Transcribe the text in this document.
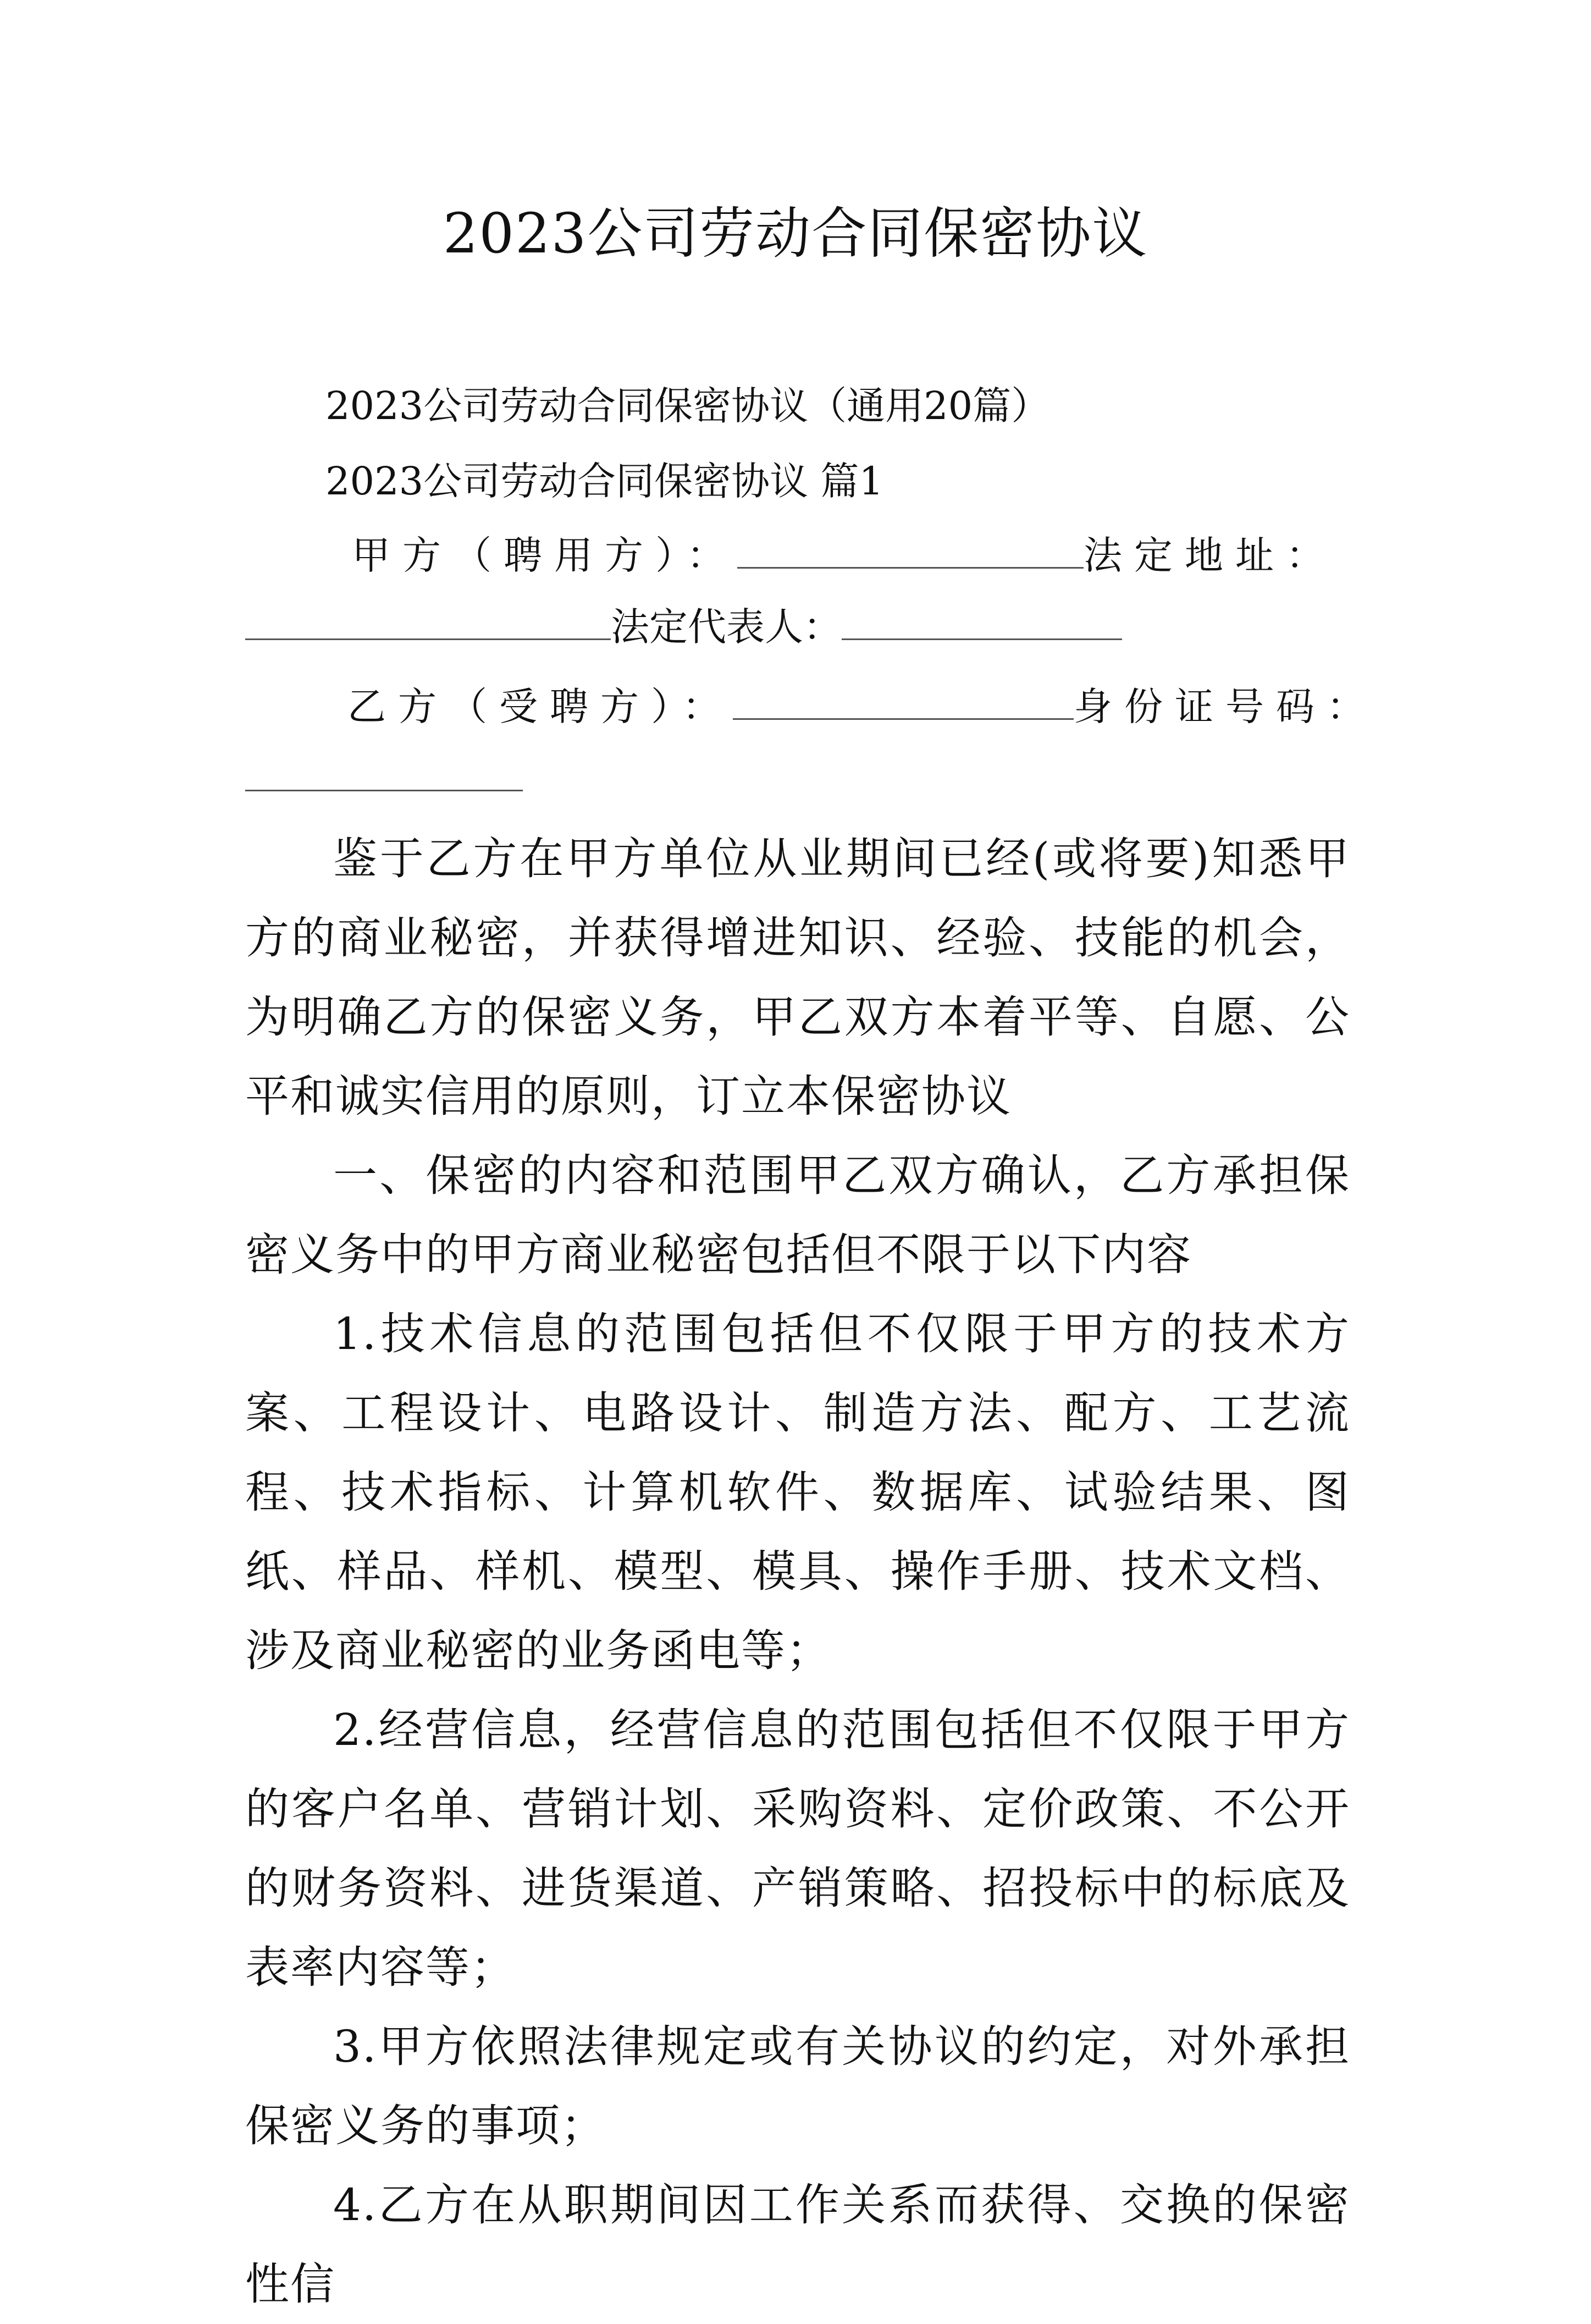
2023公司劳动合同保密协议
2023公司劳动合同保密协议（通用20篇）
2023公司劳动合同保密协议 篇1
甲方（聘用方）：	法定地址：
法定代表人：
乙方（受聘方）：	身份证号码：

鉴于乙方在甲方单位从业期间已经(或将要)知悉甲方的商业秘密，并获得增进知识、经验、技能的机会，为明确乙方的保密义务，甲乙双方本着平等、自愿、公平和诚实信用的原则，订立本保密协议

一、保密的内容和范围甲乙双方确认，乙方承担保密义务中的甲方商业秘密包括但不限于以下内容

1.技术信息的范围包括但不仅限于甲方的技术方案、工程设计、电路设计、制造方法、配方、工艺流程、技术指标、计算机软件、数据库、试验结果、图纸、样品、样机、模型、模具、操作手册、技术文档、涉及商业秘密的业务函电等；

2.经营信息，经营信息的范围包括但不仅限于甲方的客户名单、营销计划、采购资料、定价政策、不公开的财务资料、进货渠道、产销策略、招投标中的标底及表率内容等；

3.甲方依照法律规定或有关协议的约定，对外承担保密义务的事项；

4.乙方在从职期间因工作关系而获得、交换的保密性信
